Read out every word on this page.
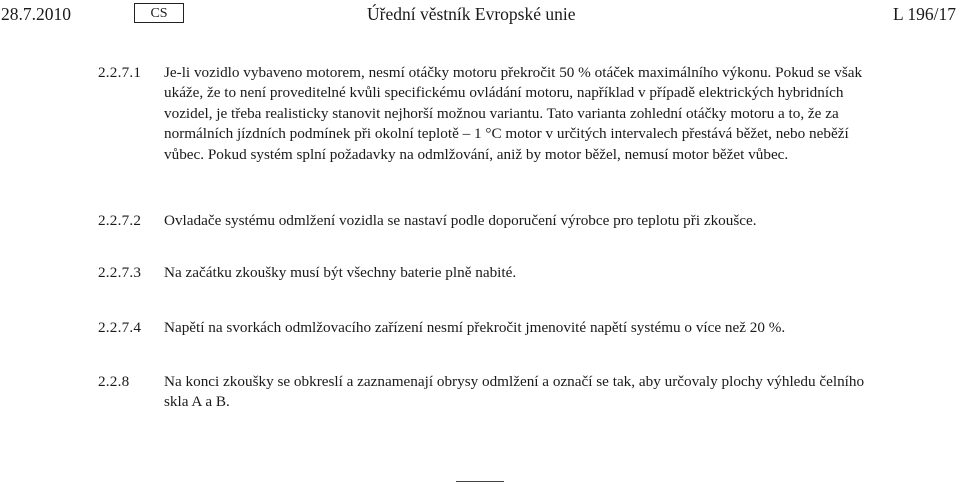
28.7.2010	CS	Úřední věstník Evropské unie	L 196/17
2.2.7.1	Je-li vozidlo vybaveno motorem, nesmí otáčky motoru překročit 50 % otáček maximálního výkonu. Pokud se však ukáže, že to není proveditelné kvůli specifickému ovládání motoru, například v případě elektrických hybridních vozidel, je třeba realisticky stanovit nejhorší možnou variantu. Tato varianta zohlední otáčky motoru a to, že za normálních jízdních podmínek při okolní teplotě – 1 °C motor v určitých intervalech přestává běžet, nebo neběží vůbec. Pokud systém splní požadavky na odmlžování, aniž by motor běžel, nemusí motor běžet vůbec.
2.2.7.2	Ovladače systému odmlžení vozidla se nastaví podle doporučení výrobce pro teplotu při zkoušce.
2.2.7.3	Na začátku zkoušky musí být všechny baterie plně nabité.
2.2.7.4	Napětí na svorkách odmlžovacího zařízení nesmí překročit jmenovité napětí systému o více než 20 %.
2.2.8	Na konci zkoušky se obkreslí a zaznamenají obrysy odmlžení a označí se tak, aby určovaly plochy výhledu čelního skla A a B.
